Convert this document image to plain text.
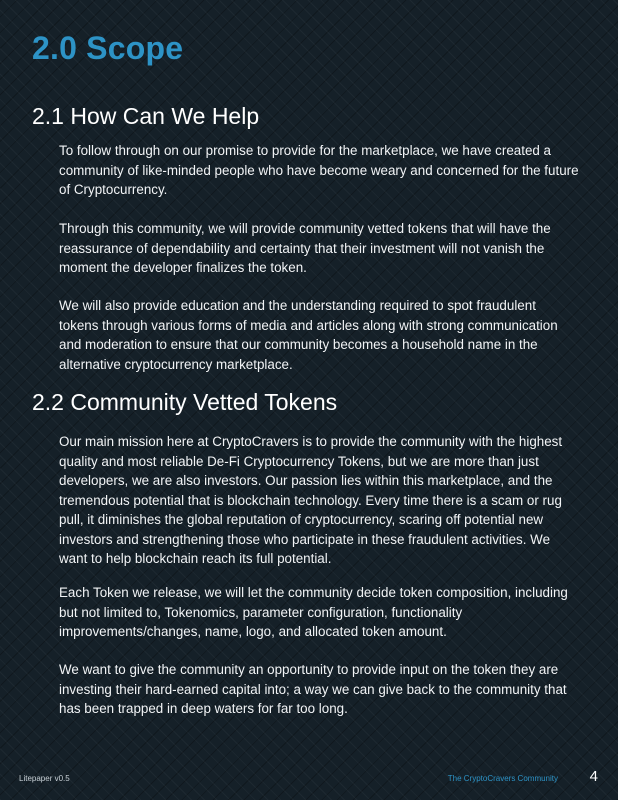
2.0 Scope
2.1 How Can We Help

To follow through on our promise to provide for the marketplace, we have created a community of like-minded people who have become weary and concerned for the future of Cryptocurrency.

Through this community, we will provide community vetted tokens that will have the reassurance of dependability and certainty that their investment will not vanish the moment the developer finalizes the token.

We will also provide education and the understanding required to spot fraudulent tokens through various forms of media and articles along with strong communication and moderation to ensure that our community becomes a household name in the alternative cryptocurrency marketplace.

2.2 Community Vetted Tokens

Our main mission here at CryptoCravers is to provide the community with the highest quality and most reliable De-Fi Cryptocurrency Tokens, but we are more than just developers, we are also investors. Our passion lies within this marketplace, and the tremendous potential that is blockchain technology. Every time there is a scam or rug pull, it diminishes the global reputation of cryptocurrency, scaring off potential new investors and strengthening those who participate in these fraudulent activities. We want to help blockchain reach its full potential.

Each Token we release, we will let the community decide token composition, including but not limited to, Tokenomics, parameter configuration, functionality improvements/changes, name, logo, and allocated token amount.

We want to give the community an opportunity to provide input on the token they are investing their hard-earned capital into; a way we can give back to the community that has been trapped in deep waters for far too long.

Litepaper v0.5	The CryptoCravers Community 4
